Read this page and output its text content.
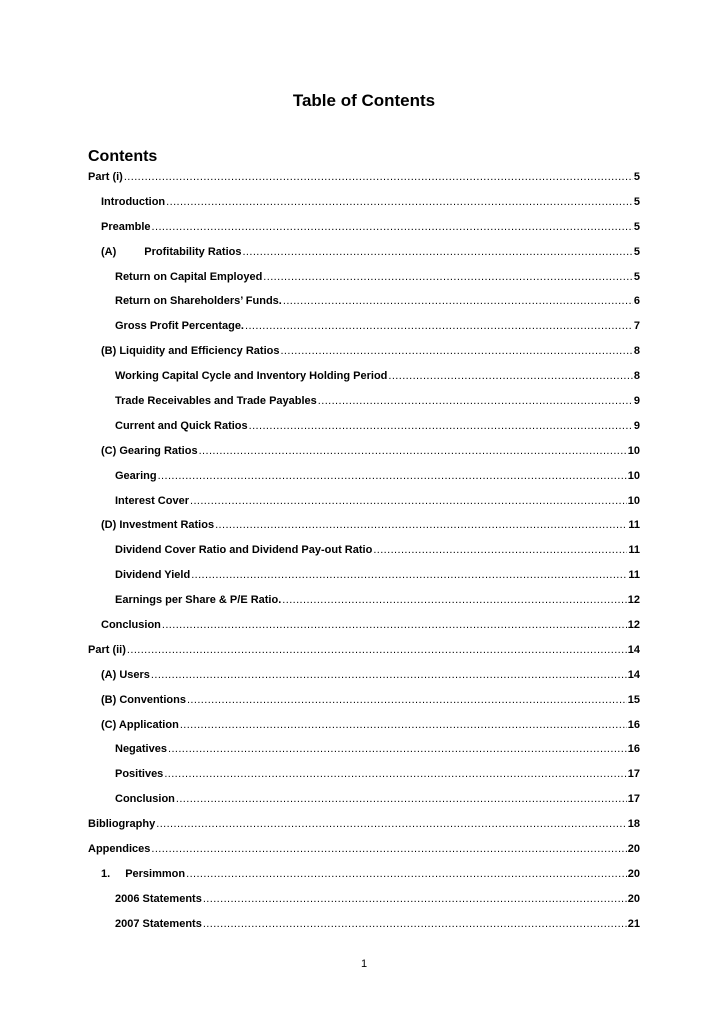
Table of Contents
Contents
Part (i) .....	5
Introduction .....	5
Preamble .....	5
(A)	Profitability Ratios .....	5
Return on Capital Employed .....	5
Return on Shareholders’ Funds. .....	6
Gross Profit Percentage. .....	7
(B) Liquidity and Efficiency Ratios .....	8
Working Capital Cycle and Inventory Holding Period .....	8
Trade Receivables and Trade Payables .....	9
Current and Quick Ratios .....	9
(C) Gearing Ratios .....	10
Gearing .....	10
Interest Cover .....	10
(D) Investment Ratios .....	11
Dividend Cover Ratio and Dividend Pay-out Ratio .....	11
Dividend Yield .....	11
Earnings per Share & P/E Ratio. .....	12
Conclusion .....	12
Part (ii) .....	14
(A) Users .....	14
(B) Conventions .....	15
(C) Application .....	16
Negatives .....	16
Positives .....	17
Conclusion .....	17
Bibliography .....	18
Appendices .....	20
1. Persimmon .....	20
2006 Statements .....	20
2007 Statements .....	21
1
